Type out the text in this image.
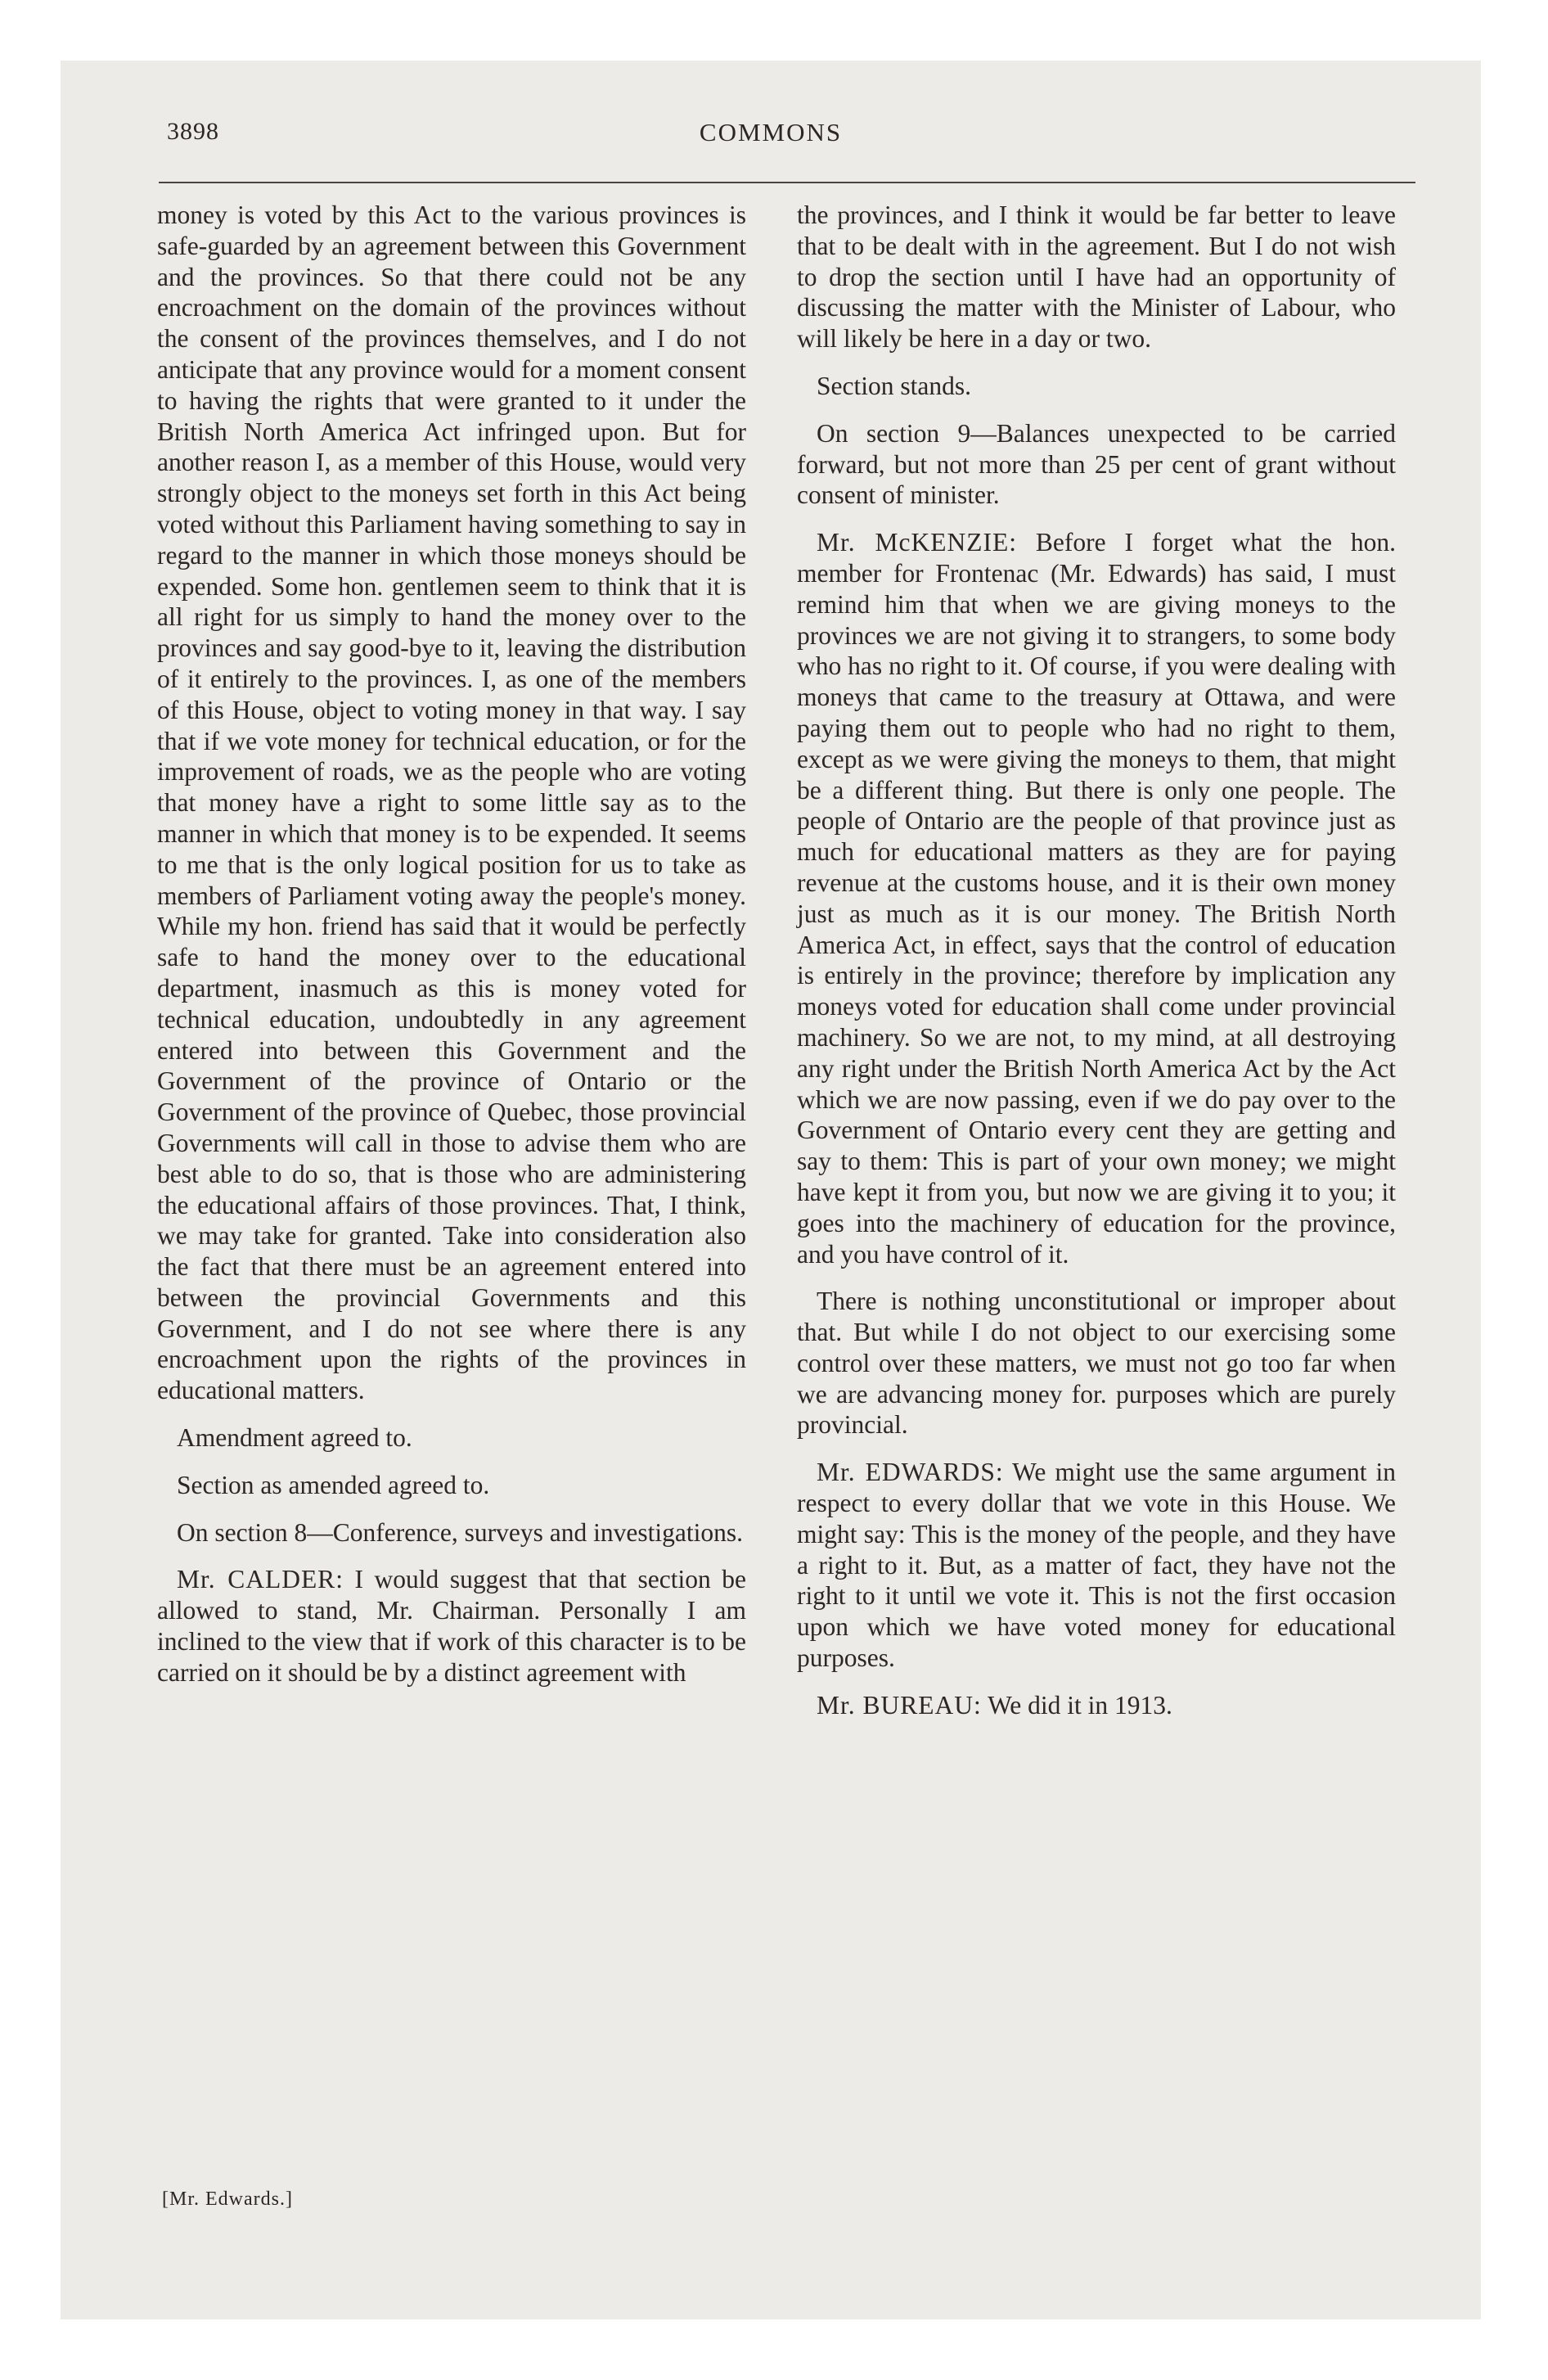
3898	COMMONS

money is voted by this Act to the various provinces is safe-guarded by an agreement between this Government and the provinces. So that there could not be any encroachment on the domain of the provinces without the consent of the provinces themselves, and I do not anticipate that any province would for a moment consent to having the rights that were granted to it under the British North America Act infringed upon. But for another reason I, as a member of this House, would very strongly object to the moneys set forth in this Act being voted without this Parliament having something to say in regard to the manner in which those moneys should be expended. Some hon. gentlemen seem to think that it is all right for us simply to hand the money over to the provinces and say good-bye to it, leaving the distribution of it entirely to the provinces. I, as one of the members of this House, object to voting money in that way. I say that if we vote money for technical education, or for the improvement of roads, we as the people who are voting that money have a right to some little say as to the manner in which that money is to be expended. It seems to me that is the only logical position for us to take as members of Parliament voting away the people's money. While my hon. friend has said that it would be perfectly safe to hand the money over to the educational department, inasmuch as this is money voted for technical education, undoubtedly in any agreement entered into between this Government and the Government of the province of Ontario or the Government of the province of Quebec, those provincial Governments will call in those to advise them who are best able to do so, that is those who are administering the educational affairs of those provinces. That, I think, we may take for granted. Take into consideration also the fact that there must be an agreement entered into between the provincial Governments and this Government, and I do not see where there is any encroachment upon the rights of the provinces in educational matters.

Amendment agreed to.

Section as amended agreed to.

On section 8—Conference, surveys and investigations.

Mr. CALDER: I would suggest that that section be allowed to stand, Mr. Chairman. Personally I am inclined to the view that if work of this character is to be carried on it should be by a distinct agreement with

the provinces, and I think it would be far better to leave that to be dealt with in the agreement. But I do not wish to drop the section until I have had an opportunity of discussing the matter with the Minister of Labour, who will likely be here in a day or two.

Section stands.

On section 9—Balances unexpected to be carried forward, but not more than 25 per cent of grant without consent of minister.

Mr. McKENZIE: Before I forget what the hon. member for Frontenac (Mr. Edwards) has said, I must remind him that when we are giving moneys to the provinces we are not giving it to strangers, to some body who has no right to it. Of course, if you were dealing with moneys that came to the treasury at Ottawa, and were paying them out to people who had no right to them, except as we were giving the moneys to them, that might be a different thing. But there is only one people. The people of Ontario are the people of that province just as much for educational matters as they are for paying revenue at the customs house, and it is their own money just as much as it is our money. The British North America Act, in effect, says that the control of education is entirely in the province; therefore by implication any moneys voted for education shall come under provincial machinery. So we are not, to my mind, at all destroying any right under the British North America Act by the Act which we are now passing, even if we do pay over to the Government of Ontario every cent they are getting and say to them: This is part of your own money; we might have kept it from you, but now we are giving it to you; it goes into the machinery of education for the province, and you have control of it.

There is nothing unconstitutional or improper about that. But while I do not object to our exercising some control over these matters, we must not go too far when we are advancing money for. purposes which are purely provincial.

Mr. EDWARDS: We might use the same argument in respect to every dollar that we vote in this House. We might say: This is the money of the people, and they have a right to it. But, as a matter of fact, they have not the right to it until we vote it. This is not the first occasion upon which we have voted money for educational purposes.

Mr. BUREAU: We did it in 1913.

[Mr. Edwards.]
